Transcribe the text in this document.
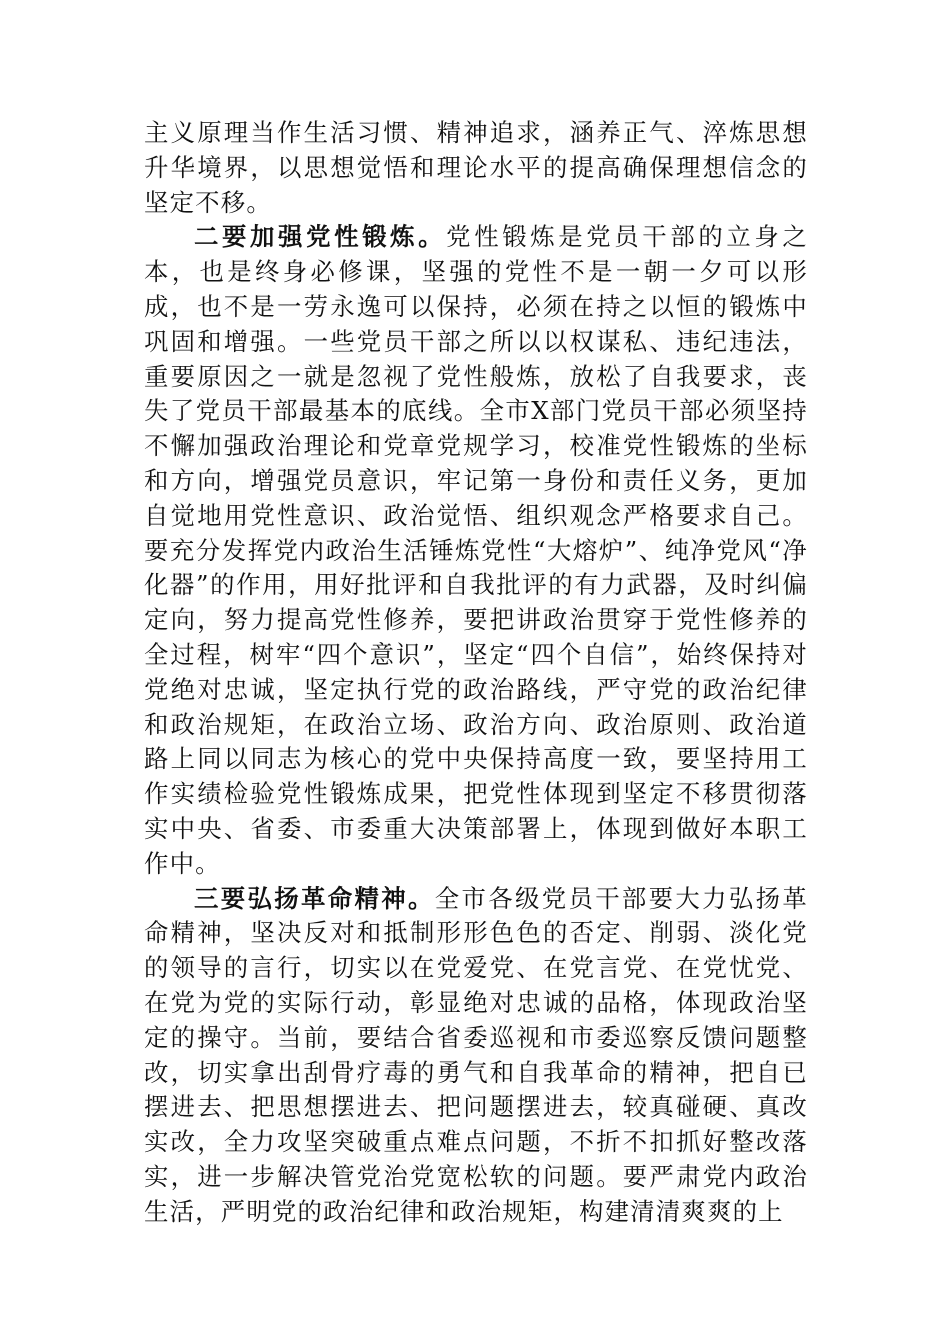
主义原理当作生活习惯、精神追求，涵养正气、淬炼思想升华境界，以思想觉悟和理论水平的提高确保理想信念的坚定不移。

二要加强党性锻炼。党性锻炼是党员干部的立身之本，也是终身必修课，坚强的党性不是一朝一夕可以形成，也不是一劳永逸可以保持，必须在持之以恒的锻炼中巩固和增强。一些党员干部之所以以权谋私、违纪违法，重要原因之一就是忽视了党性般炼，放松了自我要求，丧失了党员干部最基本的底线。全市X部门党员干部必须坚持不懈加强政治理论和党章党规学习，校准党性锻炼的坐标和方向，增强党员意识，牢记第一身份和责任义务，更加自觉地用党性意识、政治觉悟、组织观念严格要求自己。要充分发挥党内政治生活锤炼党性“大熔炉”、纯净党风“净化器”的作用，用好批评和自我批评的有力武器，及时纠偏定向，努力提高党性修养，要把讲政治贯穿于党性修养的全过程，树牢“四个意识”，坚定“四个自信”，始终保持对党绝对忠诚，坚定执行党的政治路线，严守党的政治纪律和政治规矩，在政治立场、政治方向、政治原则、政治道路上同以同志为核心的党中央保持高度一致，要坚持用工作实绩检验党性锻炼成果，把党性体现到坚定不移贯彻落实中央、省委、市委重大决策部署上，体现到做好本职工作中。

三要弘扬革命精神。全市各级党员干部要大力弘扬革命精神，坚决反对和抵制形形色色的否定、削弱、淡化党的领导的言行，切实以在党爱党、在党言党、在党忧党、在党为党的实际行动，彰显绝对忠诚的品格，体现政治坚定的操守。当前，要结合省委巡视和市委巡察反馈问题整改，切实拿出刮骨疗毒的勇气和自我革命的精神，把自已摆进去、把思想摆进去、把问题摆进去，较真碰硬、真改实改，全力攻坚突破重点难点问题，不折不扣抓好整改落实，进一步解决管党治党宽松软的问题。要严肃党内政治生活，严明党的政治纪律和政治规矩，构建清清爽爽的上
